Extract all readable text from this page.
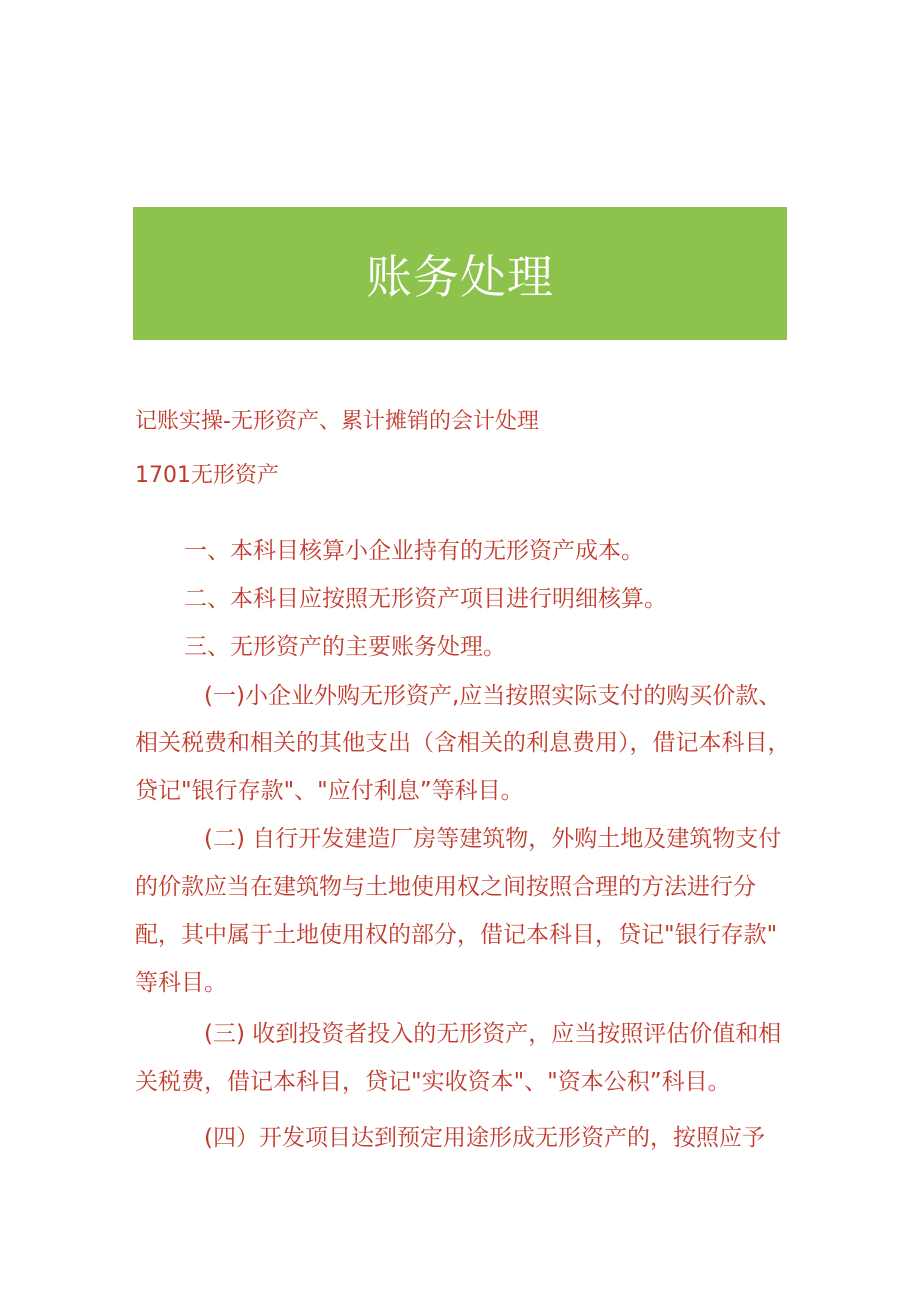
账务处理
记账实操-无形资产、累计摊销的会计处理
1701无形资产
一、本科目核算小企业持有的无形资产成本。
二、本科目应按照无形资产项目进行明细核算。
三、无形资产的主要账务处理。
(一)小企业外购无形资产,应当按照实际支付的购买价款、
相关税费和相关的其他支出（含相关的利息费用），借记本科目，
贷记"银行存款"、"应付利息”等科目。
(二) 自行开发建造厂房等建筑物，外购土地及建筑物支付
的价款应当在建筑物与土地使用权之间按照合理的方法进行分
配，其中属于土地使用权的部分，借记本科目，贷记"银行存款"
等科目。
(三) 收到投资者投入的无形资产，应当按照评估价值和相
关税费，借记本科目，贷记"实收资本"、"资本公积”科目。
(四）开发项目达到预定用途形成无形资产的，按照应予
